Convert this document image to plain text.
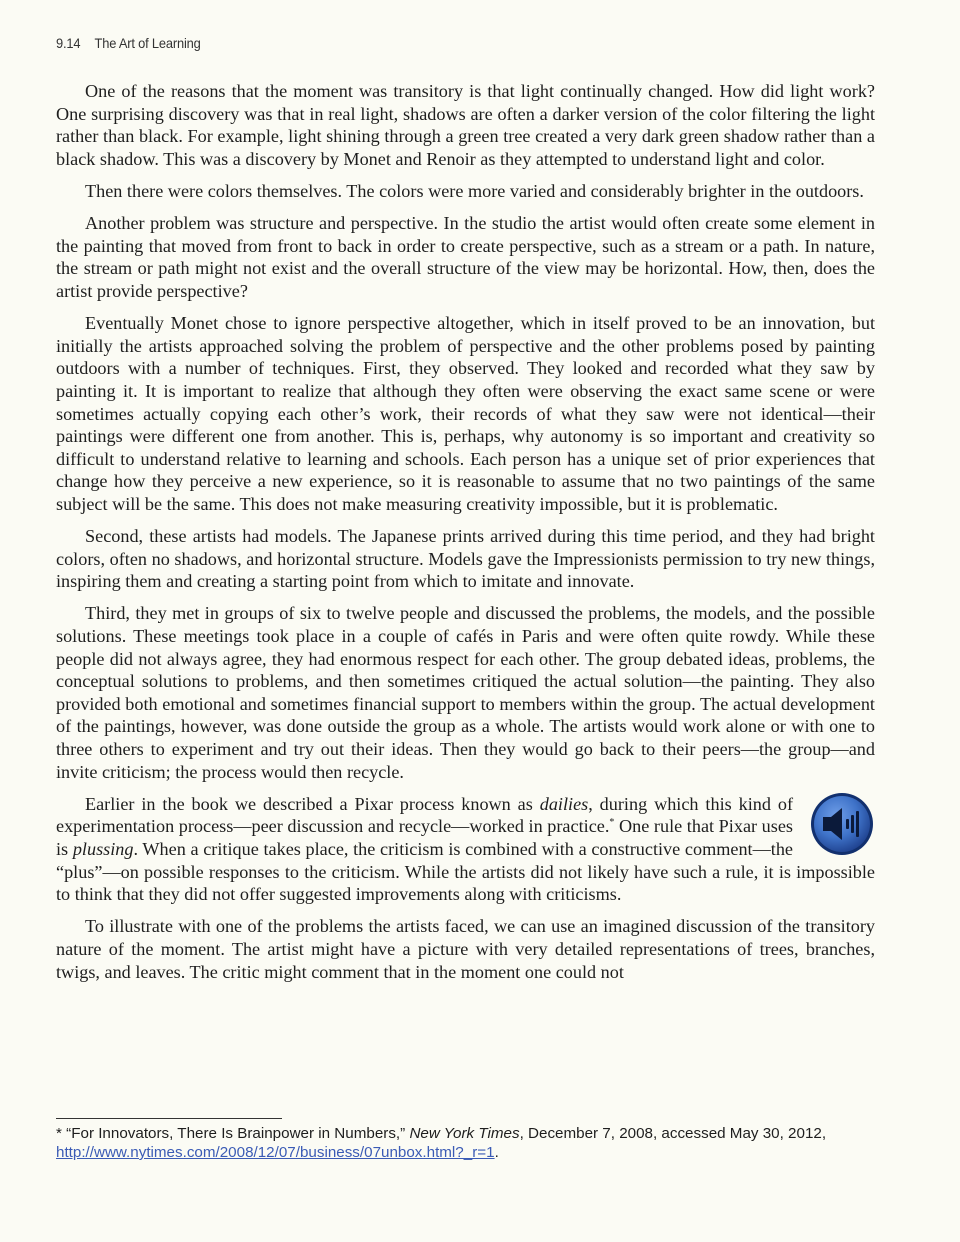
9.14 The Art of Learning

One of the reasons that the moment was transitory is that light continually changed. How did light work? One surprising discovery was that in real light, shadows are often a darker version of the color filtering the light rather than black. For example, light shining through a green tree created a very dark green shadow rather than a black shadow. This was a discovery by Monet and Renoir as they attempted to understand light and color.

Then there were colors themselves. The colors were more varied and considerably brighter in the outdoors.

Another problem was structure and perspective. In the studio the artist would often create some element in the painting that moved from front to back in order to create perspective, such as a stream or a path. In nature, the stream or path might not exist and the overall structure of the view may be horizontal. How, then, does the artist provide perspective?

Eventually Monet chose to ignore perspective altogether, which in itself proved to be an innovation, but initially the artists approached solving the problem of perspective and the other problems posed by painting outdoors with a number of techniques. First, they observed. They looked and recorded what they saw by painting it. It is important to realize that although they often were observing the exact same scene or were sometimes actually copying each other’s work, their records of what they saw were not identical—their paintings were different one from another. This is, perhaps, why autonomy is so important and creativity so difficult to understand relative to learning and schools. Each person has a unique set of prior experiences that change how they perceive a new experience, so it is reasonable to assume that no two paintings of the same subject will be the same. This does not make measuring creativity impossible, but it is problematic.

Second, these artists had models. The Japanese prints arrived during this time period, and they had bright colors, often no shadows, and horizontal structure. Models gave the Impressionists permission to try new things, inspiring them and creating a starting point from which to imitate and innovate.

Third, they met in groups of six to twelve people and discussed the problems, the models, and the possible solutions. These meetings took place in a couple of cafés in Paris and were often quite rowdy. While these people did not always agree, they had enormous respect for each other. The group debated ideas, problems, the conceptual solutions to problems, and then sometimes critiqued the actual solution—the painting. They also provided both emotional and sometimes financial support to members within the group. The actual development of the paintings, however, was done outside the group as a whole. The artists would work alone or with one to three others to experiment and try out their ideas. Then they would go back to their peers—the group—and invite criticism; the process would then recycle.

Earlier in the book we described a Pixar process known as dailies, during which this kind of experimentation process—peer discussion and recycle—worked in practice.* One rule that Pixar uses is plussing. When a critique takes place, the criticism is combined with a constructive comment—the “plus”—on possible responses to the criticism. While the artists did not likely have such a rule, it is impossible to think that they did not offer suggested improvements along with criticisms.

To illustrate with one of the problems the artists faced, we can use an imagined discussion of the transitory nature of the moment. The artist might have a picture with very detailed representations of trees, branches, twigs, and leaves. The critic might comment that in the moment one could not

* “For Innovators, There Is Brainpower in Numbers,” New York Times, December 7, 2008, accessed May 30, 2012, http://www.nytimes.com/2008/12/07/business/07unbox.html?_r=1.
